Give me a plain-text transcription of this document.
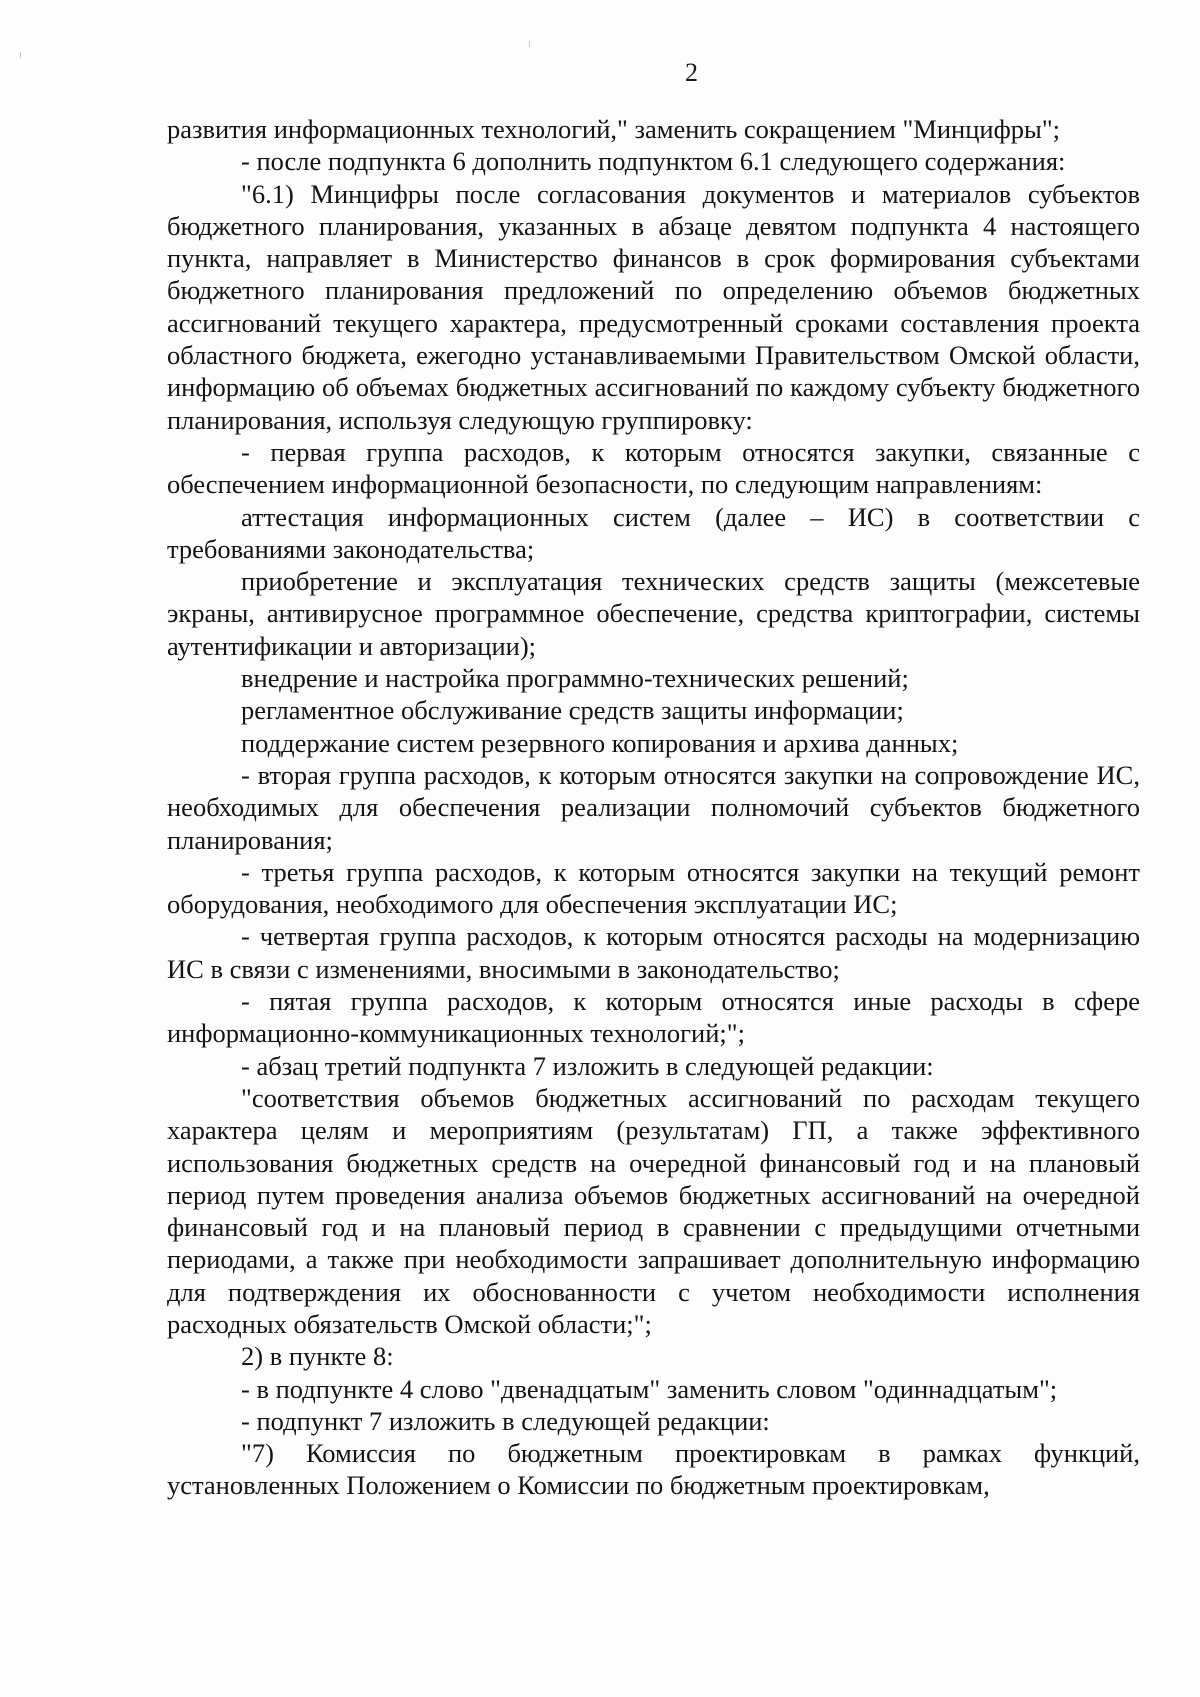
2

развития информационных технологий," заменить сокращением "Минцифры";

- после подпункта 6 дополнить подпунктом 6.1 следующего содержания:

"6.1) Минцифры после согласования документов и материалов субъектов бюджетного планирования, указанных в абзаце девятом подпункта 4 настоящего пункта, направляет в Министерство финансов в срок формирования субъектами бюджетного планирования предложений по определению объемов бюджетных ассигнований текущего характера, предусмотренный сроками составления проекта областного бюджета, ежегодно устанавливаемыми Правительством Омской области, информацию об объемах бюджетных ассигнований по каждому субъекту бюджетного планирования, используя следующую группировку:

- первая группа расходов, к которым относятся закупки, связанные с обеспечением информационной безопасности, по следующим направлениям:

аттестация информационных систем (далее – ИС) в соответствии с требованиями законодательства;

приобретение и эксплуатация технических средств защиты (межсетевые экраны, антивирусное программное обеспечение, средства криптографии, системы аутентификации и авторизации);

внедрение и настройка программно-технических решений;

регламентное обслуживание средств защиты информации;

поддержание систем резервного копирования и архива данных;

- вторая группа расходов, к которым относятся закупки на сопровождение ИС, необходимых для обеспечения реализации полномочий субъектов бюджетного планирования;

- третья группа расходов, к которым относятся закупки на текущий ремонт оборудования, необходимого для обеспечения эксплуатации ИС;

- четвертая группа расходов, к которым относятся расходы на модернизацию ИС в связи с изменениями, вносимыми в законодательство;

- пятая группа расходов, к которым относятся иные расходы в сфере информационно-коммуникационных технологий;";

- абзац третий подпункта 7 изложить в следующей редакции:

"соответствия объемов бюджетных ассигнований по расходам текущего характера целям и мероприятиям (результатам) ГП, а также эффективного использования бюджетных средств на очередной финансовый год и на плановый период путем проведения анализа объемов бюджетных ассигнований на очередной финансовый год и на плановый период в сравнении с предыдущими отчетными периодами, а также при необходимости запрашивает дополнительную информацию для подтверждения их обоснованности с учетом необходимости исполнения расходных обязательств Омской области;";

2) в пункте 8:

- в подпункте 4 слово "двенадцатым" заменить словом "одиннадцатым";

- подпункт 7 изложить в следующей редакции:

"7) Комиссия по бюджетным проектировкам в рамках функций, установленных Положением о Комиссии по бюджетным проектировкам,
